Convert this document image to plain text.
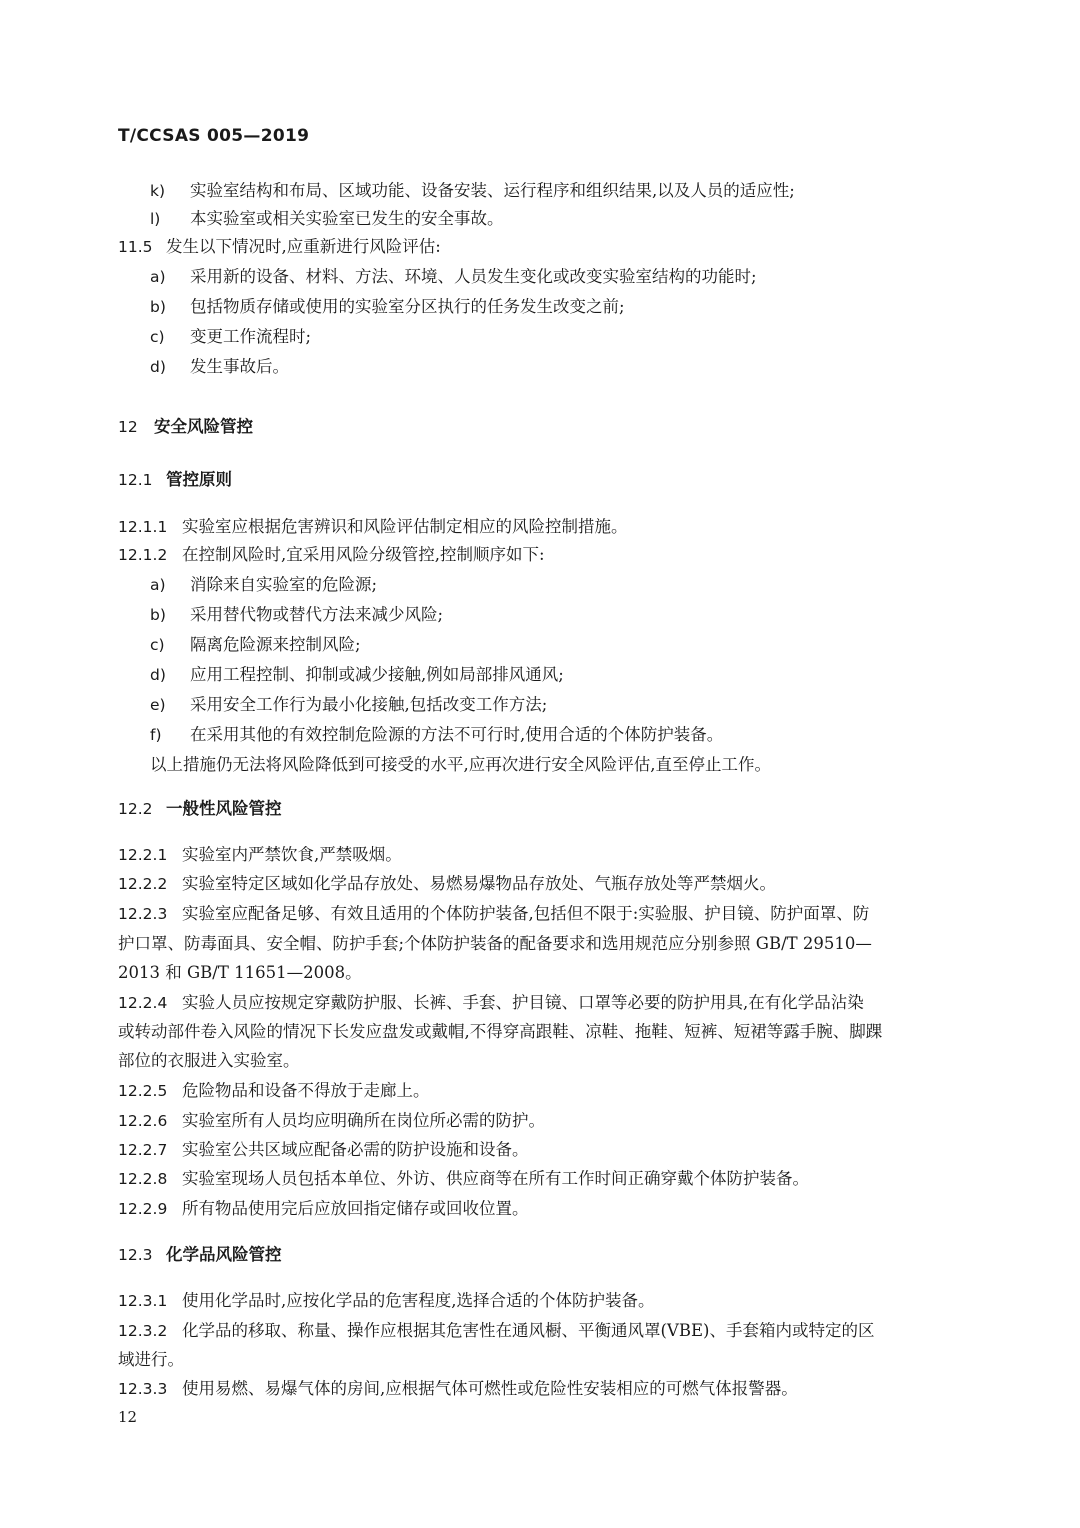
T/CCSAS 005—2019
k) 实验室结构和布局、区域功能、设备安装、运行程序和组织结果,以及人员的适应性;
l) 本实验室或相关实验室已发生的安全事故。
11.5 发生以下情况时,应重新进行风险评估:
a) 采用新的设备、材料、方法、环境、人员发生变化或改变实验室结构的功能时;
b) 包括物质存储或使用的实验室分区执行的任务发生改变之前;
c) 变更工作流程时;
d) 发生事故后。
12 安全风险管控
12.1 管控原则
12.1.1 实验室应根据危害辨识和风险评估制定相应的风险控制措施。
12.1.2 在控制风险时,宜采用风险分级管控,控制顺序如下:
a) 消除来自实验室的危险源;
b) 采用替代物或替代方法来减少风险;
c) 隔离危险源来控制风险;
d) 应用工程控制、抑制或减少接触,例如局部排风通风;
e) 采用安全工作行为最小化接触,包括改变工作方法;
f) 在采用其他的有效控制危险源的方法不可行时,使用合适的个体防护装备。
以上措施仍无法将风险降低到可接受的水平,应再次进行安全风险评估,直至停止工作。
12.2 一般性风险管控
12.2.1 实验室内严禁饮食,严禁吸烟。
12.2.2 实验室特定区域如化学品存放处、易燃易爆物品存放处、气瓶存放处等严禁烟火。
12.2.3 实验室应配备足够、有效且适用的个体防护装备,包括但不限于:实验服、护目镜、防护面罩、防
护口罩、防毒面具、安全帽、防护手套;个体防护装备的配备要求和选用规范应分别参照 GB/T 29510—
2013 和 GB/T 11651—2008。
12.2.4 实验人员应按规定穿戴防护服、长裤、手套、护目镜、口罩等必要的防护用具,在有化学品沾染
或转动部件卷入风险的情况下长发应盘发或戴帽,不得穿高跟鞋、凉鞋、拖鞋、短裤、短裙等露手腕、脚踝
部位的衣服进入实验室。
12.2.5 危险物品和设备不得放于走廊上。
12.2.6 实验室所有人员均应明确所在岗位所必需的防护。
12.2.7 实验室公共区域应配备必需的防护设施和设备。
12.2.8 实验室现场人员包括本单位、外访、供应商等在所有工作时间正确穿戴个体防护装备。
12.2.9 所有物品使用完后应放回指定储存或回收位置。
12.3 化学品风险管控
12.3.1 使用化学品时,应按化学品的危害程度,选择合适的个体防护装备。
12.3.2 化学品的移取、称量、操作应根据其危害性在通风橱、平衡通风罩(VBE)、手套箱内或特定的区
域进行。
12.3.3 使用易燃、易爆气体的房间,应根据气体可燃性或危险性安装相应的可燃气体报警器。
12
